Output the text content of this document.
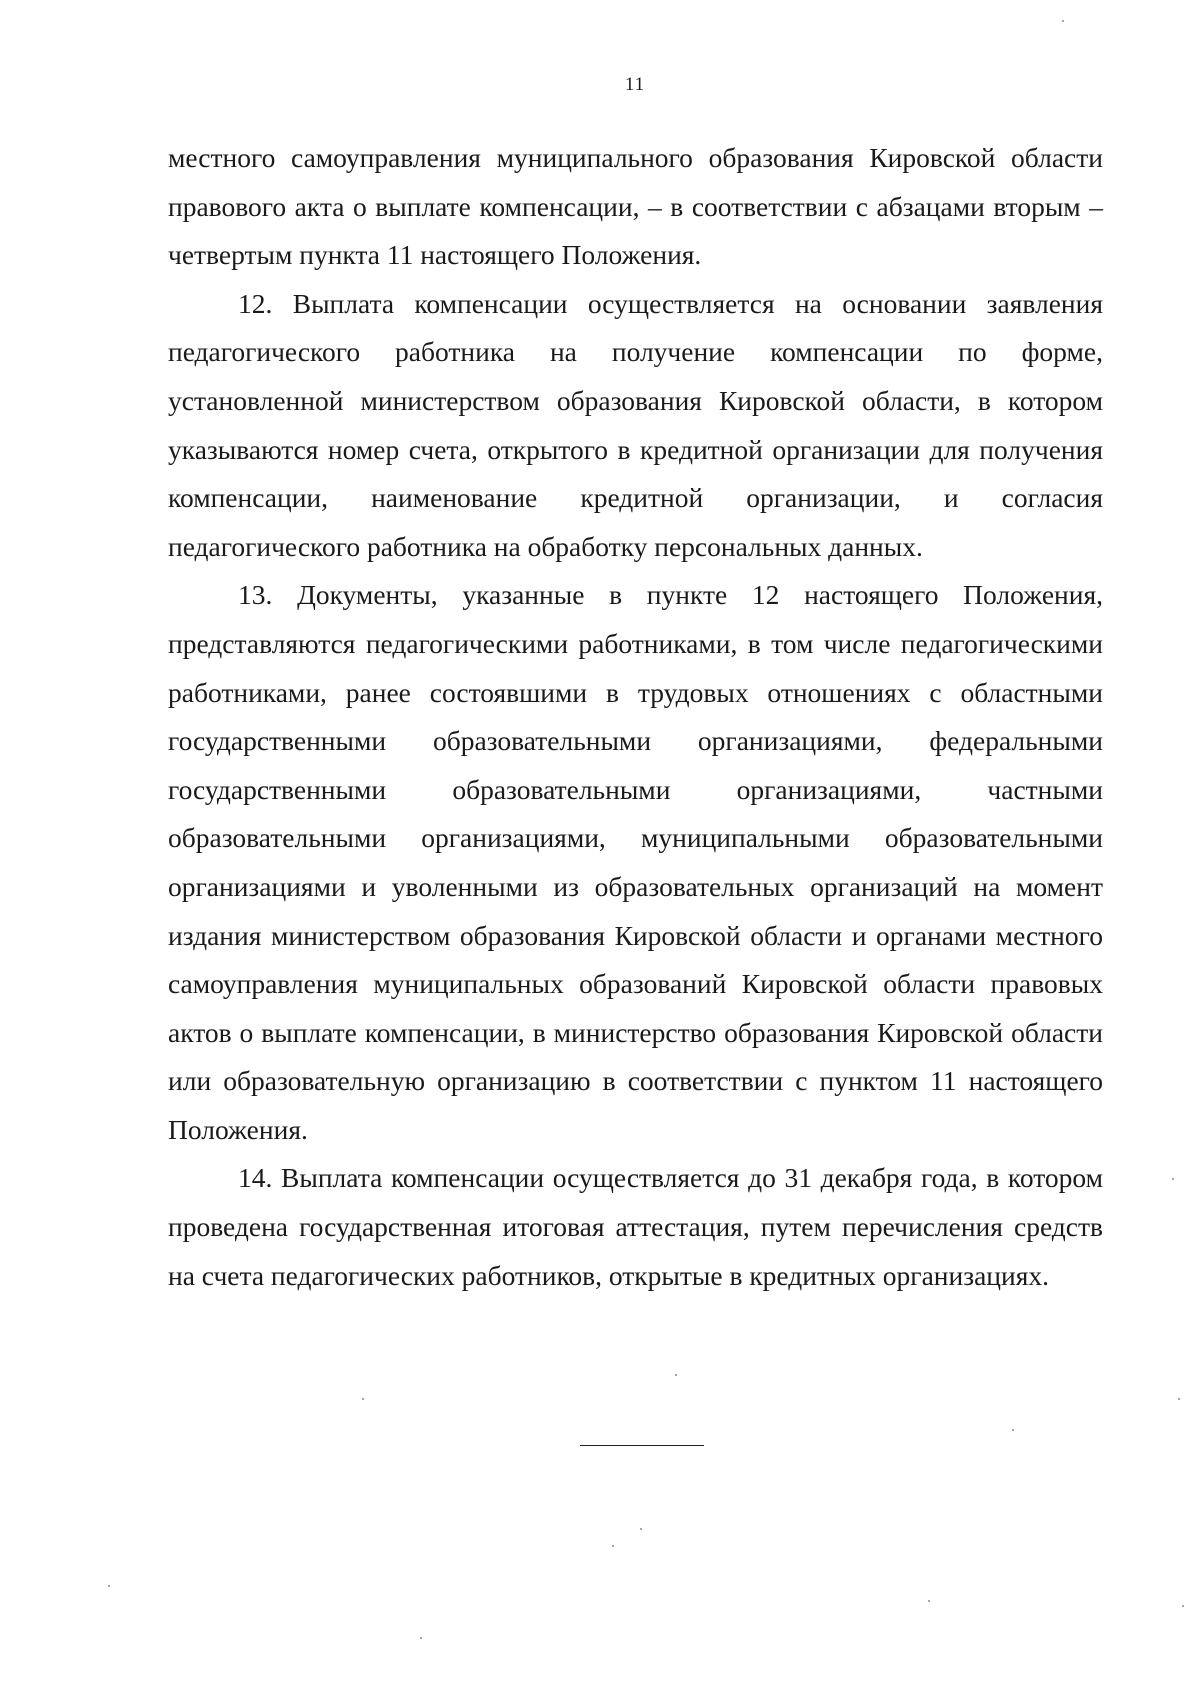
11

местного самоуправления муниципального образования Кировской области правового акта о выплате компенсации, – в соответствии с абзацами вторым – четвертым пункта 11 настоящего Положения.

12. Выплата компенсации осуществляется на основании заявления педагогического работника на получение компенсации по форме, установленной министерством образования Кировской области, в котором указываются номер счета, открытого в кредитной организации для получения компенсации, наименование кредитной организации, и согласия педагогического работника на обработку персональных данных.

13. Документы, указанные в пункте 12 настоящего Положения, представляются педагогическими работниками, в том числе педагогическими работниками, ранее состоявшими в трудовых отношениях с областными государственными образовательными организациями, федеральными государственными образовательными организациями, частными образовательными организациями, муниципальными образовательными организациями и уволенными из образовательных организаций на момент издания министерством образования Кировской области и органами местного самоуправления муниципальных образований Кировской области правовых актов о выплате компенсации, в министерство образования Кировской области или образовательную организацию в соответствии с пунктом 11 настоящего Положения.

14. Выплата компенсации осуществляется до 31 декабря года, в котором проведена государственная итоговая аттестация, путем перечисления средств на счета педагогических работников, открытые в кредитных организациях.
